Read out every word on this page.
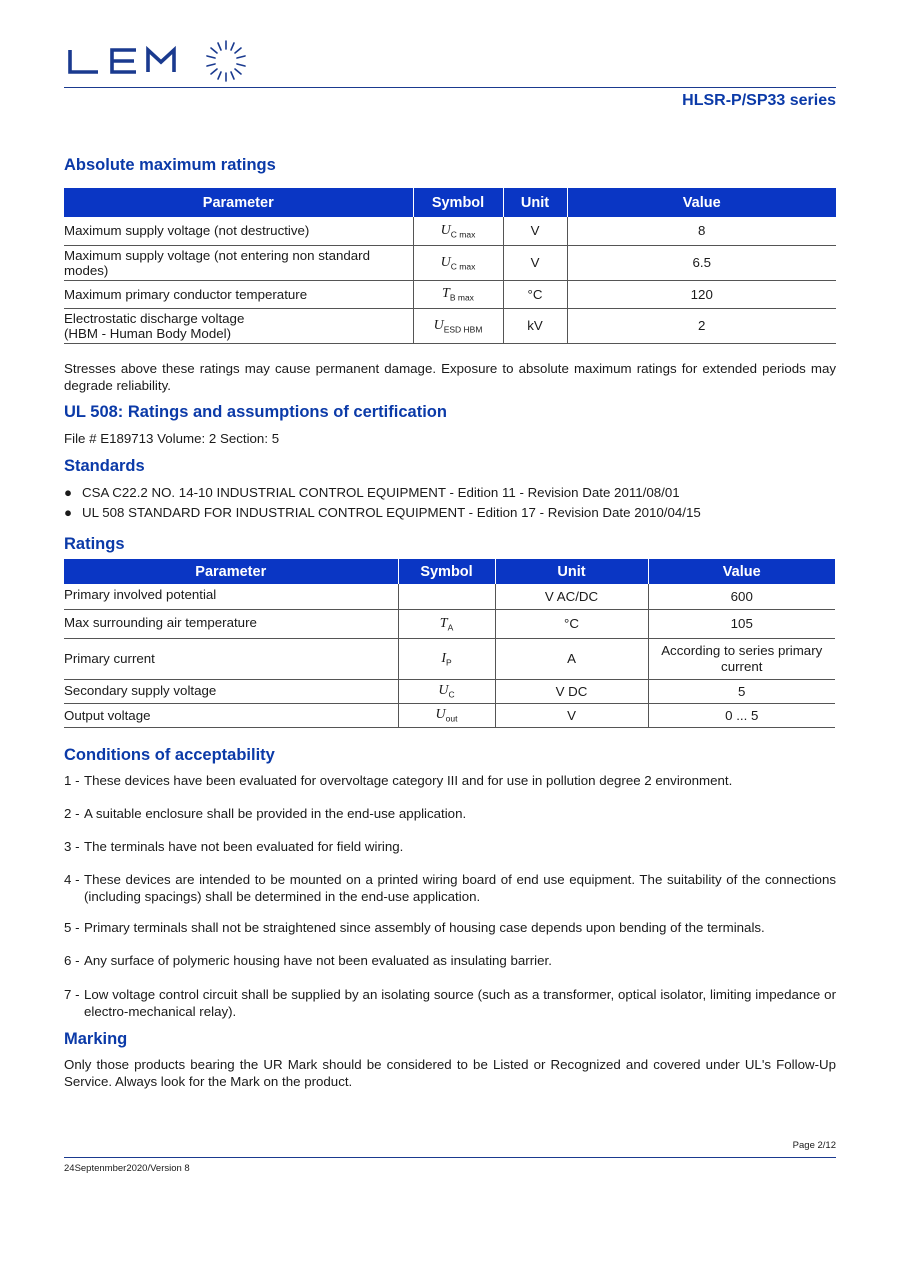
HLSR-P/SP33 series
Absolute maximum ratings
Parameter	Symbol	Unit	Value
Maximum supply voltage (not destructive)	$U_{C max}$	V	8
Maximum supply voltage (not entering non standard modes)	$U_{C max}$	V	6.5
Maximum primary conductor temperature	$T_{B max}$	°C	120
Electrostatic discharge voltage
(HBM - Human Body Model)	$U_{ESD HBM}$	kV	2
Stresses above these ratings may cause permanent damage. Exposure to absolute maximum ratings for extended periods may degrade reliability.
UL 508: Ratings and assumptions of certification
File # E189713 Volume: 2 Section: 5
Standards
● CSA C22.2 NO. 14-10 INDUSTRIAL CONTROL EQUIPMENT - Edition 11 - Revision Date 2011/08/01
● UL 508 STANDARD FOR INDUSTRIAL CONTROL EQUIPMENT - Edition 17 - Revision Date 2010/04/15
Ratings
Parameter	Symbol	Unit	Value
Primary involved potential		V AC/DC	600
Max surrounding air temperature	$T_A$	°C	105
Primary current	$I_P$	A	According to series primary current
Secondary supply voltage	$U_C$	V DC	5
Output voltage	$U_{out}$	V	0 ... 5
Conditions of acceptability
1 - These devices have been evaluated for overvoltage category III and for use in pollution degree 2 environment.
2 - A suitable enclosure shall be provided in the end-use application.
3 - The terminals have not been evaluated for field wiring.
4 - These devices are intended to be mounted on a printed wiring board of end use equipment. The suitability of the connections (including spacings) shall be determined in the end-use application.
5 - Primary terminals shall not be straightened since assembly of housing case depends upon bending of the terminals.
6 - Any surface of polymeric housing have not been evaluated as insulating barrier.
7 - Low voltage control circuit shall be supplied by an isolating source (such as a transformer, optical isolator, limiting impedance or electro-mechanical relay).
Marking
Only those products bearing the UR Mark should be considered to be Listed or Recognized and covered under UL's Follow-Up Service. Always look for the Mark on the product.
Page 2/12
24Septenmber2020/Version 8
